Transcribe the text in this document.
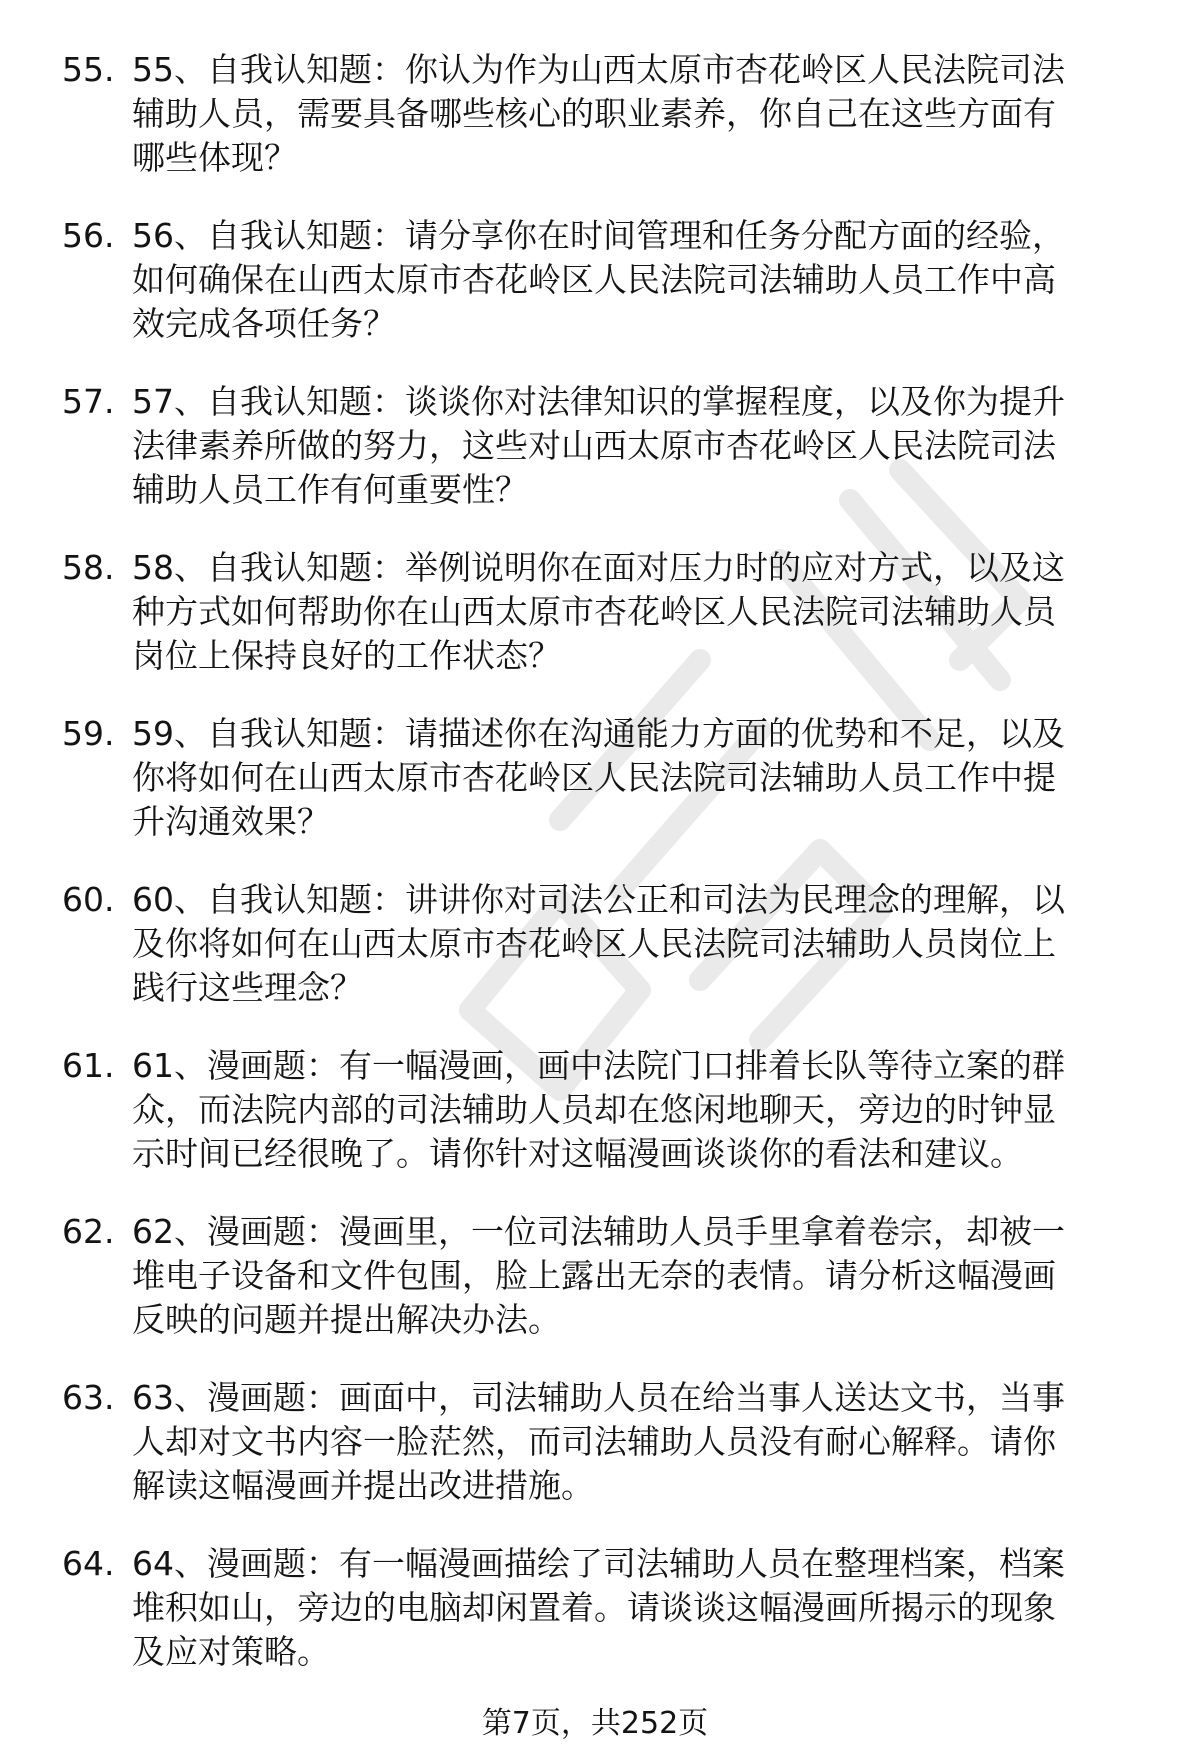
55. 55、自我认知题：你认为作为山西太原市杏花岭区人民法院司法
辅助人员，需要具备哪些核心的职业素养，你自己在这些方面有
哪些体现？
56. 56、自我认知题：请分享你在时间管理和任务分配方面的经验，
如何确保在山西太原市杏花岭区人民法院司法辅助人员工作中高
效完成各项任务？
57. 57、自我认知题：谈谈你对法律知识的掌握程度，以及你为提升
法律素养所做的努力，这些对山西太原市杏花岭区人民法院司法
辅助人员工作有何重要性？
58. 58、自我认知题：举例说明你在面对压力时的应对方式，以及这
种方式如何帮助你在山西太原市杏花岭区人民法院司法辅助人员
岗位上保持良好的工作状态？
59. 59、自我认知题：请描述你在沟通能力方面的优势和不足，以及
你将如何在山西太原市杏花岭区人民法院司法辅助人员工作中提
升沟通效果？
60. 60、自我认知题：讲讲你对司法公正和司法为民理念的理解，以
及你将如何在山西太原市杏花岭区人民法院司法辅助人员岗位上
践行这些理念？
61. 61、漫画题：有一幅漫画，画中法院门口排着长队等待立案的群
众，而法院内部的司法辅助人员却在悠闲地聊天，旁边的时钟显
示时间已经很晚了。请你针对这幅漫画谈谈你的看法和建议。
62. 62、漫画题：漫画里，一位司法辅助人员手里拿着卷宗，却被一
堆电子设备和文件包围，脸上露出无奈的表情。请分析这幅漫画
反映的问题并提出解决办法。
63. 63、漫画题：画面中，司法辅助人员在给当事人送达文书，当事
人却对文书内容一脸茫然，而司法辅助人员没有耐心解释。请你
解读这幅漫画并提出改进措施。
64. 64、漫画题：有一幅漫画描绘了司法辅助人员在整理档案，档案
堆积如山，旁边的电脑却闲置着。请谈谈这幅漫画所揭示的现象
及应对策略。
第7页，共252页
